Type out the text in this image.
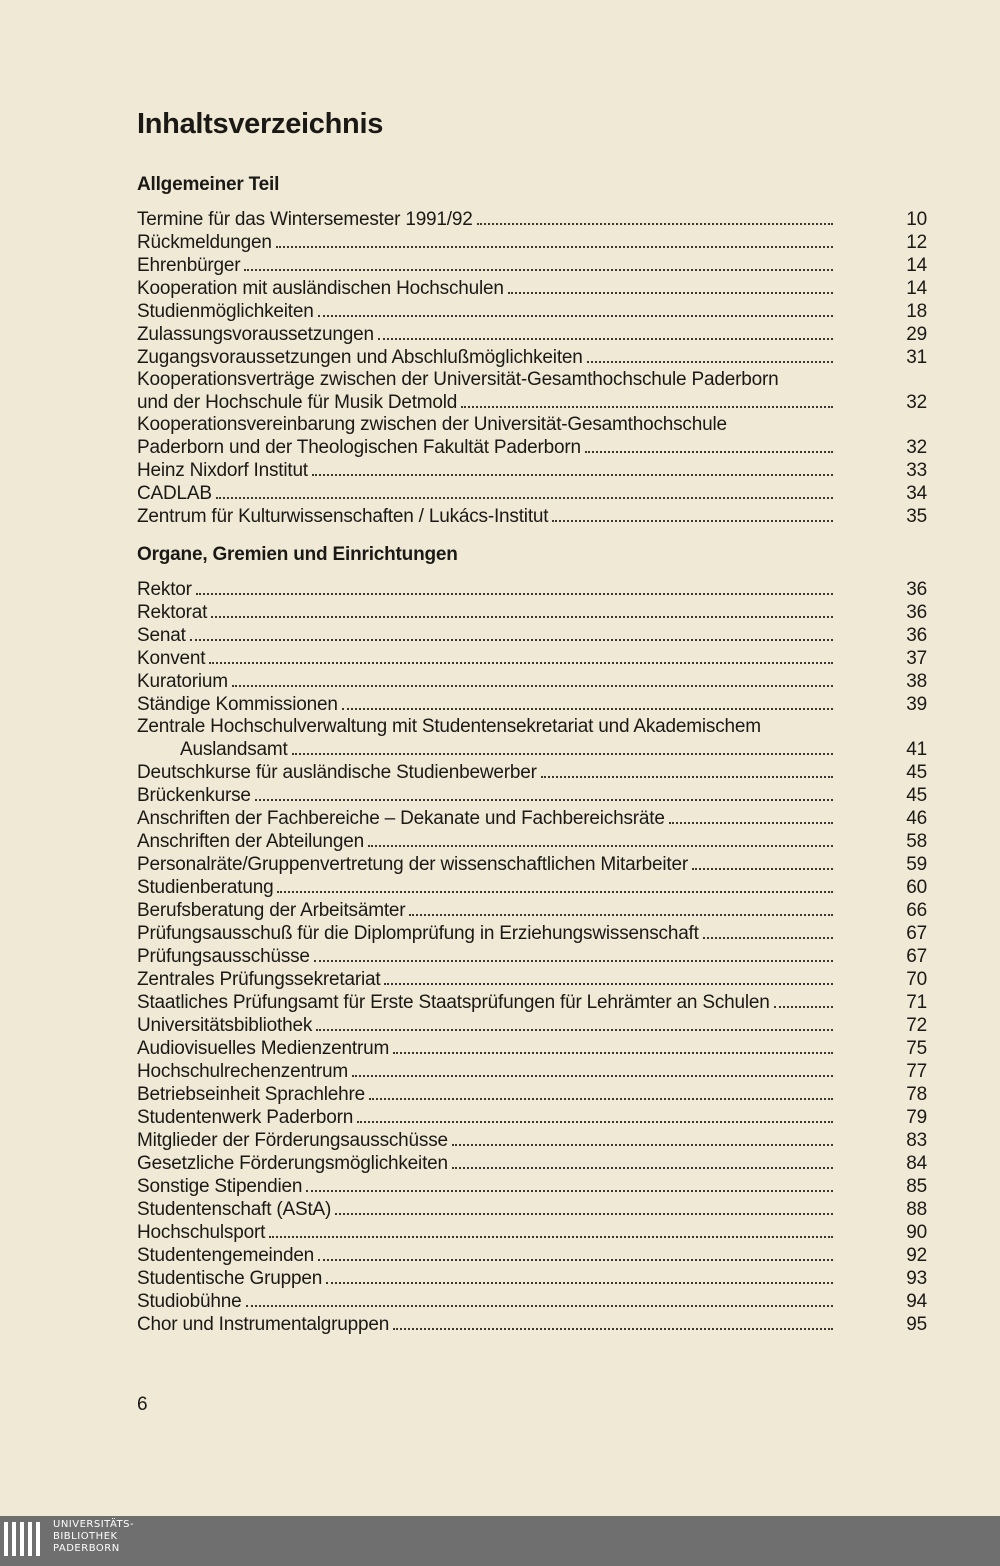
Inhaltsverzeichnis
Allgemeiner Teil
Termine für das Wintersemester 1991/92	10
Rückmeldungen	12
Ehrenbürger	14
Kooperation mit ausländischen Hochschulen	14
Studienmöglichkeiten	18
Zulassungsvoraussetzungen	29
Zugangsvoraussetzungen und Abschlußmöglichkeiten	31
Kooperationsverträge zwischen der Universität-Gesamthochschule Paderborn
und der Hochschule für Musik Detmold	32
Kooperationsvereinbarung zwischen der Universität-Gesamthochschule
Paderborn und der Theologischen Fakultät Paderborn	32
Heinz Nixdorf Institut	33
CADLAB	34
Zentrum für Kulturwissenschaften / Lukács-Institut	35
Organe, Gremien und Einrichtungen
Rektor	36
Rektorat	36
Senat	36
Konvent	37
Kuratorium	38
Ständige Kommissionen	39
Zentrale Hochschulverwaltung mit Studentensekretariat und Akademischem
Auslandsamt	41
Deutschkurse für ausländische Studienbewerber	45
Brückenkurse	45
Anschriften der Fachbereiche – Dekanate und Fachbereichsräte	46
Anschriften der Abteilungen	58
Personalräte/Gruppenvertretung der wissenschaftlichen Mitarbeiter	59
Studienberatung	60
Berufsberatung der Arbeitsämter	66
Prüfungsausschuß für die Diplomprüfung in Erziehungswissenschaft	67
Prüfungsausschüsse	67
Zentrales Prüfungssekretariat	70
Staatliches Prüfungsamt für Erste Staatsprüfungen für Lehrämter an Schulen	71
Universitätsbibliothek	72
Audiovisuelles Medienzentrum	75
Hochschulrechenzentrum	77
Betriebseinheit Sprachlehre	78
Studentenwerk Paderborn	79
Mitglieder der Förderungsausschüsse	83
Gesetzliche Förderungsmöglichkeiten	84
Sonstige Stipendien	85
Studentenschaft (AStA)	88
Hochschulsport	90
Studentengemeinden	92
Studentische Gruppen	93
Studiobühne	94
Chor und Instrumentalgruppen	95

6

UNIVERSITÄTS-
BIBLIOTHEK
PADERBORN
